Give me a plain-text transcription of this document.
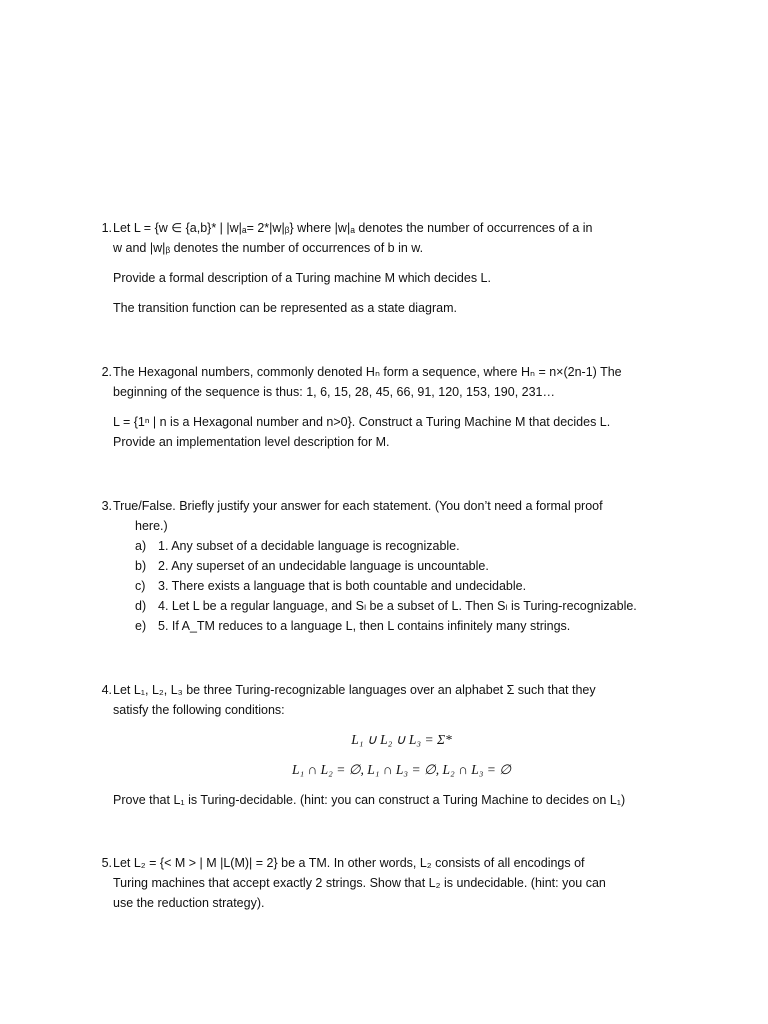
1. Let L = {w ∈ {a,b}* | |w|ₐ= 2*|w|ᵦ} where |w|ₐ denotes the number of occurrences of a in
w and |w|ᵦ denotes the number of occurrences of b in w.

Provide a formal description of a Turing machine M which decides L.

The transition function can be represented as a state diagram.

2. The Hexagonal numbers, commonly denoted Hₙ form a sequence, where Hₙ = n×(2n-1) The
beginning of the sequence is thus: 1, 6, 15, 28, 45, 66, 91, 120, 153, 190, 231…

L = {1ⁿ | n is a Hexagonal number and n>0}. Construct a Turing Machine M that decides L.
Provide an implementation level description for M.

3. True/False. Briefly justify your answer for each statement. (You don’t need a formal proof
here.)

a) 1. Any subset of a decidable language is recognizable.
b) 2. Any superset of an undecidable language is uncountable.
c) 3. There exists a language that is both countable and undecidable.
d) 4. Let L be a regular language, and Sₗ be a subset of L. Then Sₗ is Turing-recognizable.
e) 5. If A_TM reduces to a language L, then L contains infinitely many strings.
4. Let L₁, L₂, L₃ be three Turing-recognizable languages over an alphabet Σ such that they
satisfy the following conditions:

L₁ ∪ L₂ ∪ L₃ = Σ*

L₁ ∩ L₂ = ∅, L₁ ∩ L₃ = ∅, L₂ ∩ L₃ = ∅

Prove that L₁ is Turing-decidable. (hint: you can construct a Turing Machine to decides on L₁)

5. Let L₂ = {< M > | M |L(M)| = 2} be a TM. In other words, L₂ consists of all encodings of
Turing machines that accept exactly 2 strings. Show that L₂ is undecidable. (hint: you can
use the reduction strategy).
